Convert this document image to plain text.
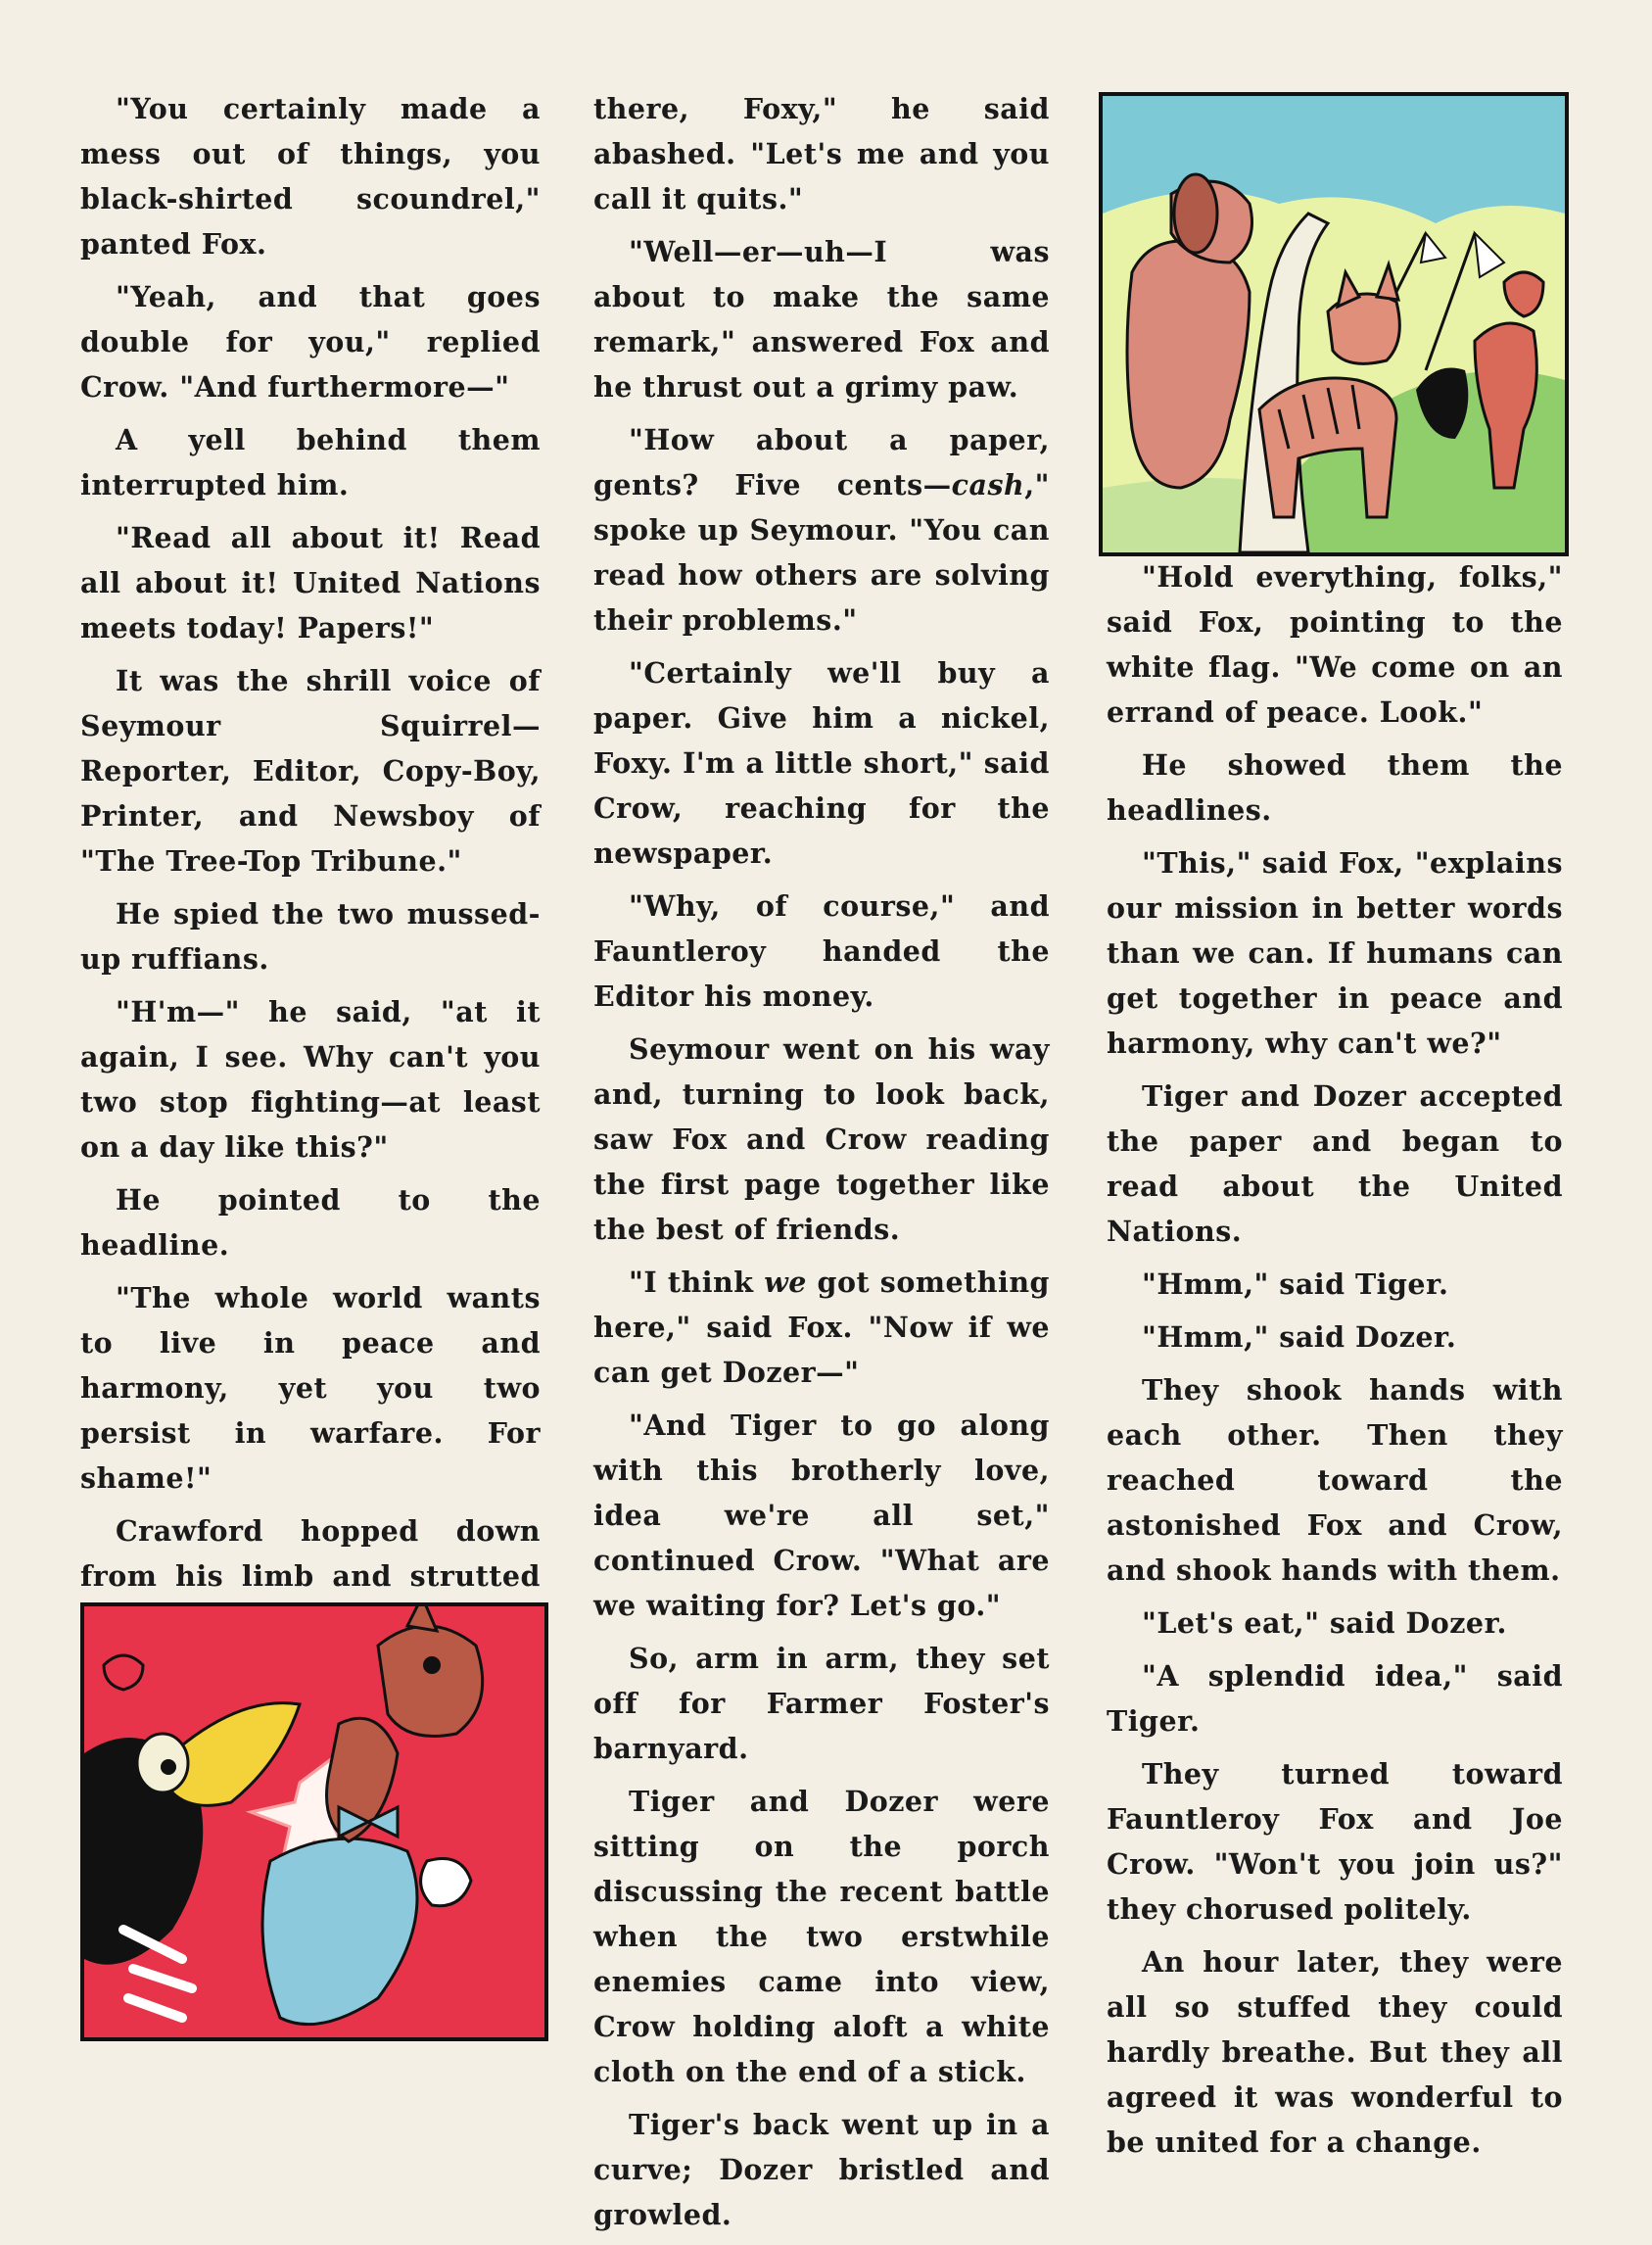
"You certainly made a mess out of things, you black-shirted scoundrel," panted Fox.

"Yeah, and that goes double for you," replied Crow. "And furthermore—"

A yell behind them interrupted him.

"Read all about it! Read all about it! United Nations meets today! Papers!"

It was the shrill voice of Seymour Squirrel—Reporter, Editor, Copy-Boy, Printer, and Newsboy of "The Tree-Top Tribune."

He spied the two mussed-up ruffians.

"H'm—" he said, "at it again, I see. Why can't you two stop fighting—at least on a day like this?"

He pointed to the headline.

"The whole world wants to live in peace and harmony, yet you two persist in warfare. For shame!"

Crawford hopped down from his limb and strutted

there, Foxy," he said abashed. "Let's me and you call it quits."

"Well—er—uh—I was about to make the same remark," answered Fox and he thrust out a grimy paw.

"How about a paper, gents? Five cents—cash," spoke up Seymour. "You can read how others are solving their problems."

"Certainly we'll buy a paper. Give him a nickel, Foxy. I'm a little short," said Crow, reaching for the newspaper.

"Why, of course," and Fauntleroy handed the Editor his money.

Seymour went on his way and, turning to look back, saw Fox and Crow reading the first page together like the best of friends.

"I think we got something here," said Fox. "Now if we can get Dozer—"

"And Tiger to go along with this brotherly love, idea we're all set," continued Crow. "What are we waiting for? Let's go."

So, arm in arm, they set off for Farmer Foster's barnyard.

Tiger and Dozer were sitting on the porch discussing the recent battle when the two erstwhile enemies came into view, Crow holding aloft a white cloth on the end of a stick.

Tiger's back went up in a curve; Dozer bristled and growled.

"Hold everything, folks," said Fox, pointing to the white flag. "We come on an errand of peace. Look."

He showed them the headlines.

"This," said Fox, "explains our mission in better words than we can. If humans can get together in peace and harmony, why can't we?"

Tiger and Dozer accepted the paper and began to read about the United Nations.

"Hmm," said Tiger.

"Hmm," said Dozer.

They shook hands with each other. Then they reached toward the astonished Fox and Crow, and shook hands with them.

"Let's eat," said Dozer.

"A splendid idea," said Tiger.

They turned toward Fauntleroy Fox and Joe Crow. "Won't you join us?" they chorused politely.

An hour later, they were all so stuffed they could hardly breathe. But they all agreed it was wonderful to be united for a change.
